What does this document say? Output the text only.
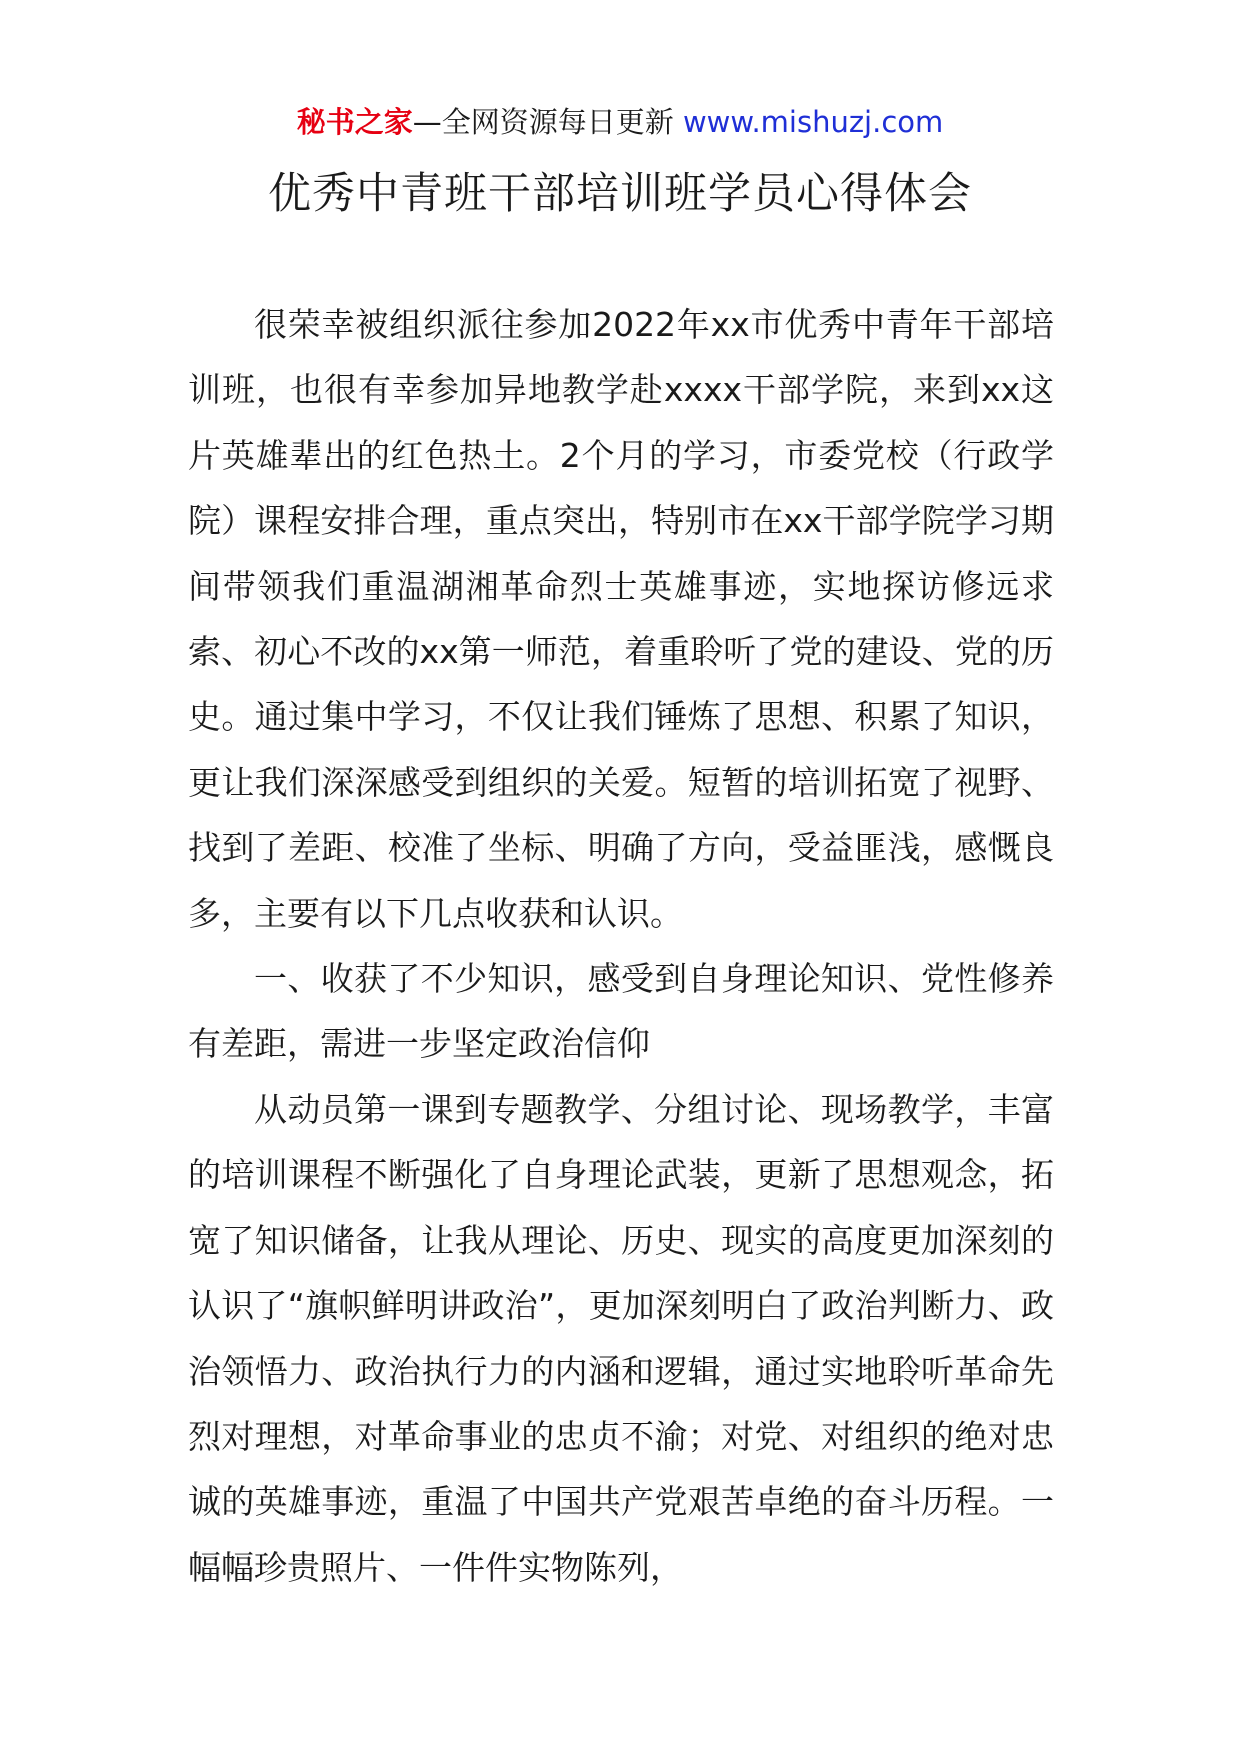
秘书之家—全网资源每日更新 www.mishuzj.com
优秀中青班干部培训班学员心得体会

很荣幸被组织派往参加2022年xx市优秀中青年干部培训班，也很有幸参加异地教学赴xxxx干部学院，来到xx这片英雄辈出的红色热土。2个月的学习，市委党校（行政学院）课程安排合理，重点突出，特别市在xx干部学院学习期间带领我们重温湖湘革命烈士英雄事迹，实地探访修远求索、初心不改的xx第一师范，着重聆听了党的建设、党的历史。通过集中学习，不仅让我们锤炼了思想、积累了知识，更让我们深深感受到组织的关爱。短暂的培训拓宽了视野、找到了差距、校准了坐标、明确了方向，受益匪浅，感慨良多，主要有以下几点收获和认识。

一、收获了不少知识，感受到自身理论知识、党性修养有差距，需进一步坚定政治信仰

从动员第一课到专题教学、分组讨论、现场教学，丰富的培训课程不断强化了自身理论武装，更新了思想观念，拓宽了知识储备，让我从理论、历史、现实的高度更加深刻的认识了“旗帜鲜明讲政治”，更加深刻明白了政治判断力、政治领悟力、政治执行力的内涵和逻辑，通过实地聆听革命先烈对理想，对革命事业的忠贞不渝；对党、对组织的绝对忠诚的英雄事迹，重温了中国共产党艰苦卓绝的奋斗历程。一幅幅珍贵照片、一件件实物陈列，
